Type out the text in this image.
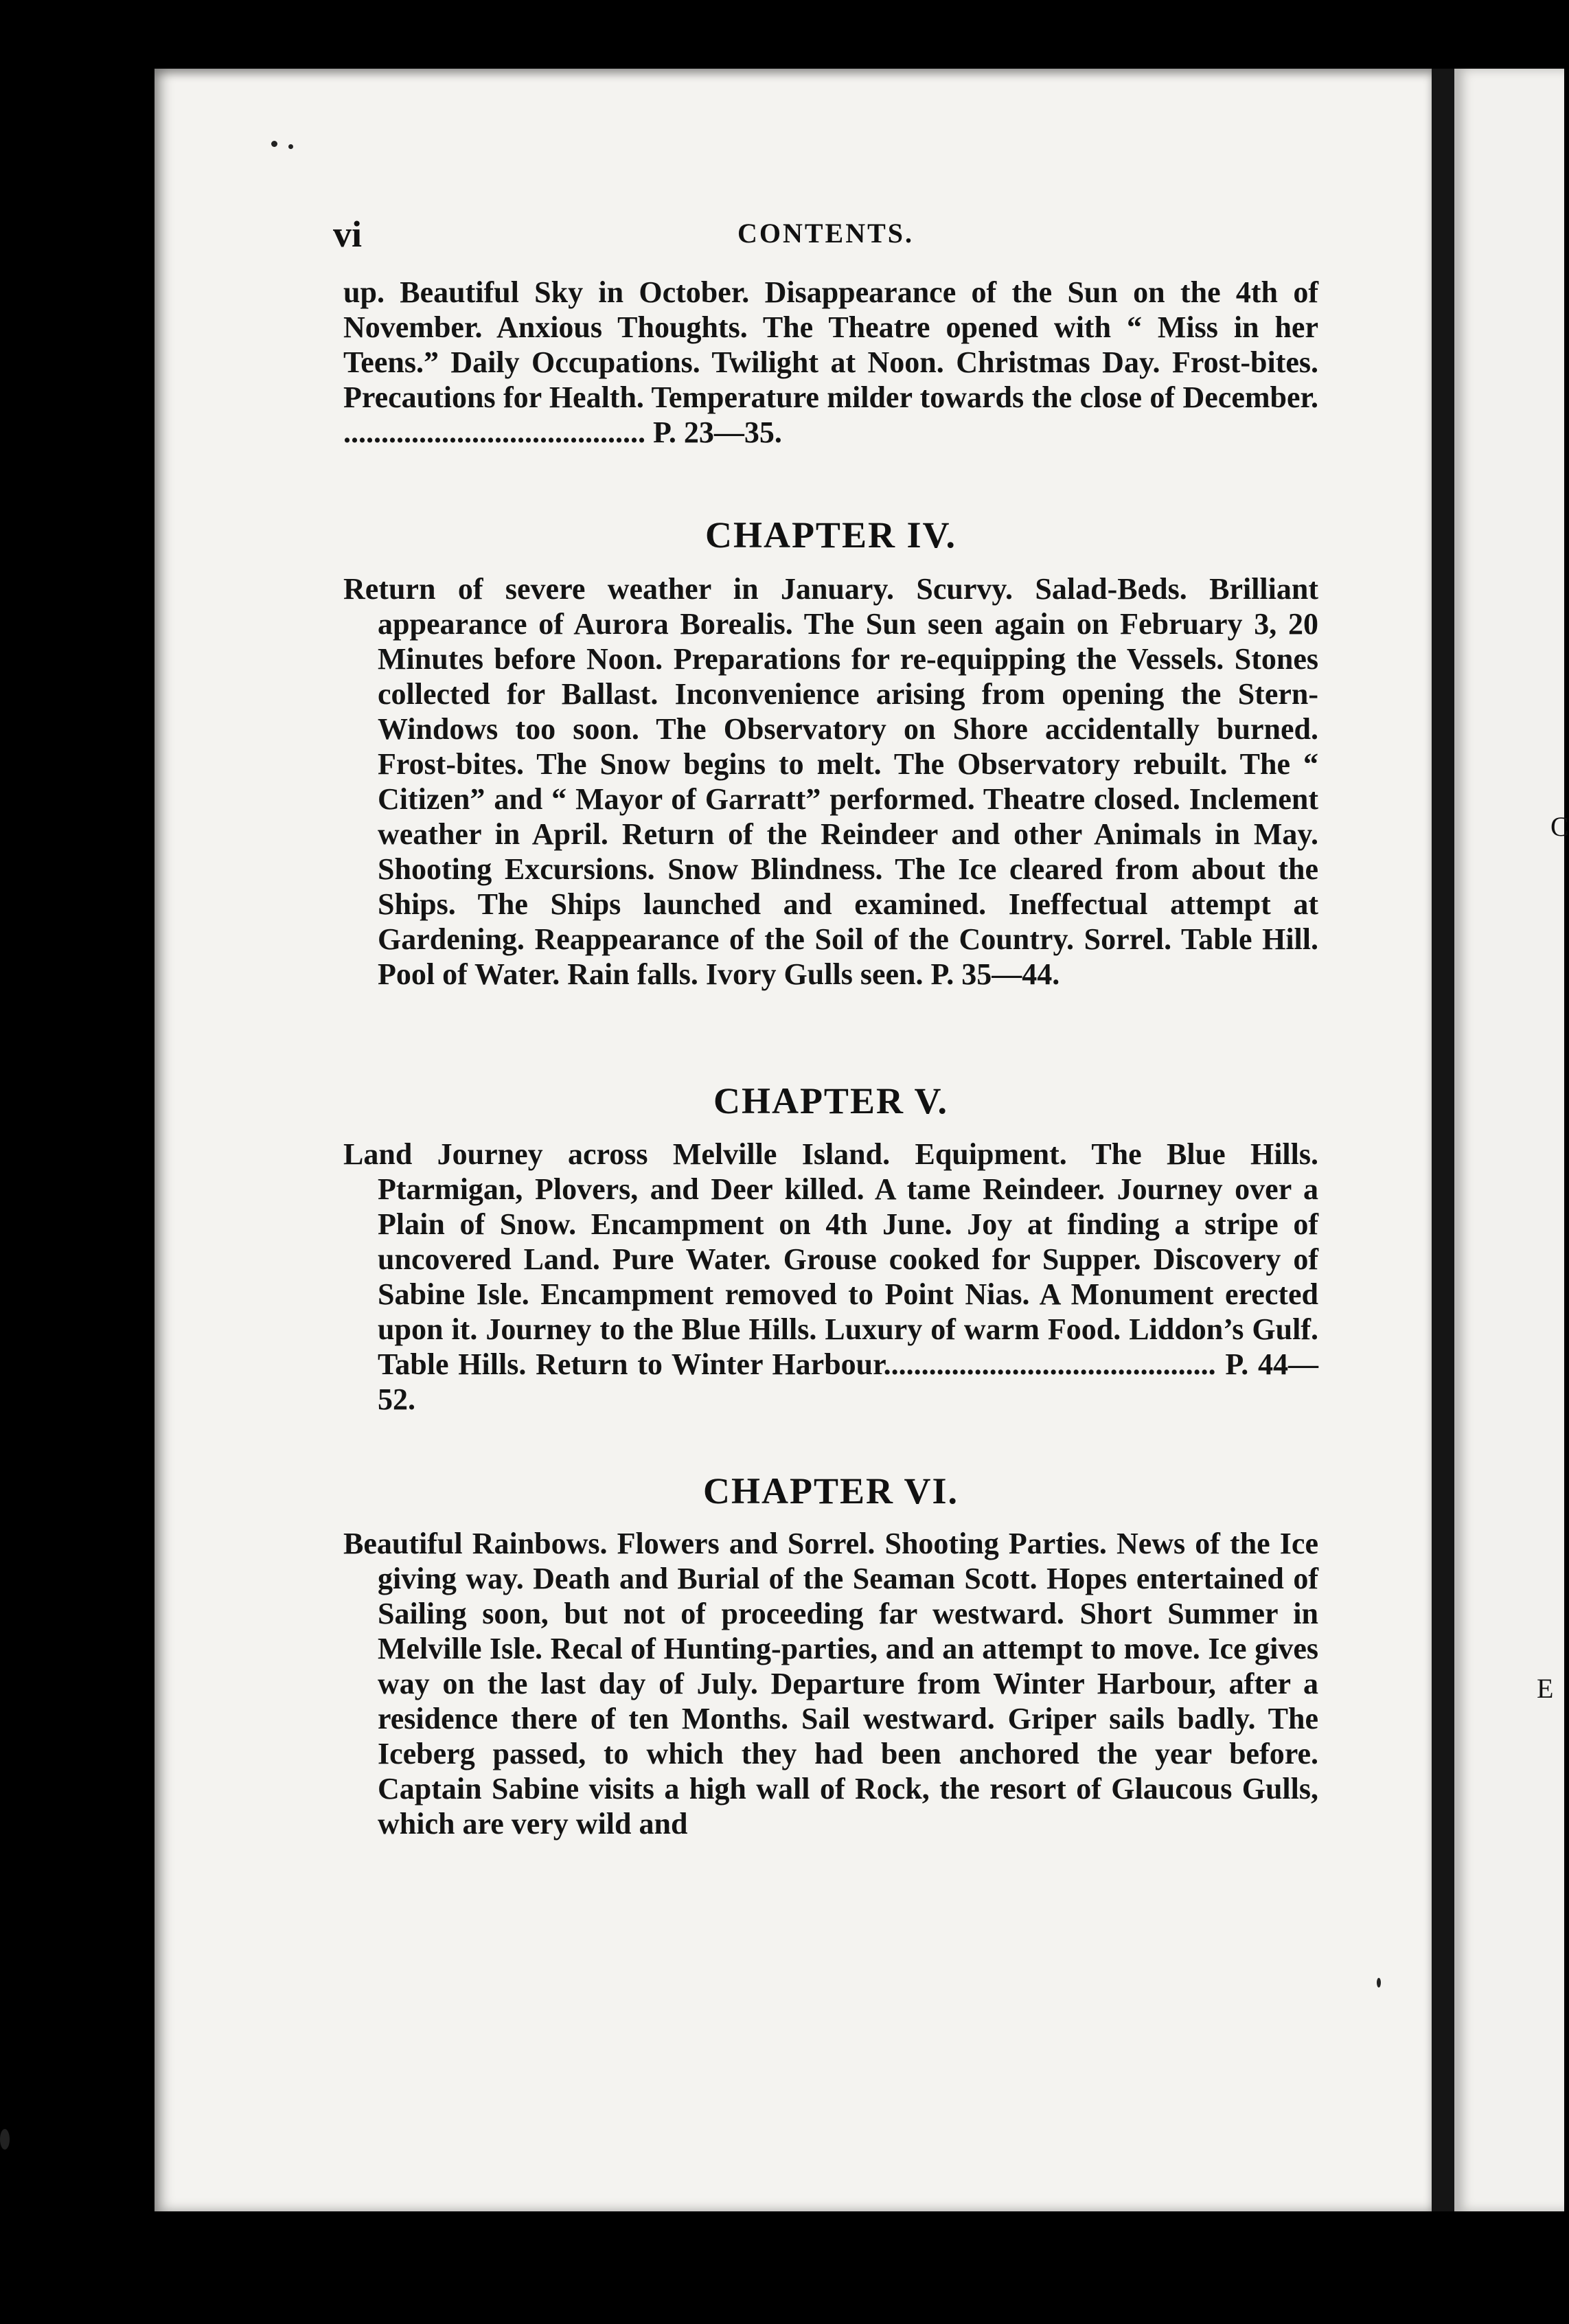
C
E
vi	CONTENTS.

up. Beautiful Sky in October. Disappearance of the Sun on the 4th of November. Anxious Thoughts. The Theatre opened with “ Miss in her Teens.” Daily Occupations. Twilight at Noon. Christmas Day. Frost-bites. Precautions for Health. Temperature milder towards the close of December. ........................................ P. 23—35.

CHAPTER IV.

Return of severe weather in January. Scurvy. Salad-Beds. Brilliant appearance of Aurora Borealis. The Sun seen again on February 3, 20 Minutes before Noon. Preparations for re-equipping the Vessels. Stones collected for Ballast. Inconvenience arising from opening the Stern-Windows too soon. The Observatory on Shore accidentally burned. Frost-bites. The Snow begins to melt. The Observatory rebuilt. The “ Citizen” and “ Mayor of Garratt” performed. Theatre closed. Inclement weather in April. Return of the Reindeer and other Animals in May. Shooting Excursions. Snow Blindness. The Ice cleared from about the Ships. The Ships launched and examined. Ineffectual attempt at Gardening. Reappearance of the Soil of the Country. Sorrel. Table Hill. Pool of Water. Rain falls. Ivory Gulls seen. P. 35—44.

CHAPTER V.

Land Journey across Melville Island. Equipment. The Blue Hills. Ptarmigan, Plovers, and Deer killed. A tame Reindeer. Journey over a Plain of Snow. Encampment on 4th June. Joy at finding a stripe of uncovered Land. Pure Water. Grouse cooked for Supper. Discovery of Sabine Isle. Encampment removed to Point Nias. A Monument erected upon it. Journey to the Blue Hills. Luxury of warm Food. Liddon’s Gulf. Table Hills. Return to Winter Harbour............................................ P. 44—52.

CHAPTER VI.

Beautiful Rainbows. Flowers and Sorrel. Shooting Parties. News of the Ice giving way. Death and Burial of the Seaman Scott. Hopes entertained of Sailing soon, but not of proceeding far westward. Short Summer in Melville Isle. Recal of Hunting-parties, and an attempt to move. Ice gives way on the last day of July. Departure from Winter Harbour, after a residence there of ten Months. Sail westward. Griper sails badly. The Iceberg passed, to which they had been anchored the year before. Captain Sabine visits a high wall of Rock, the resort of Glaucous Gulls, which are very wild and
